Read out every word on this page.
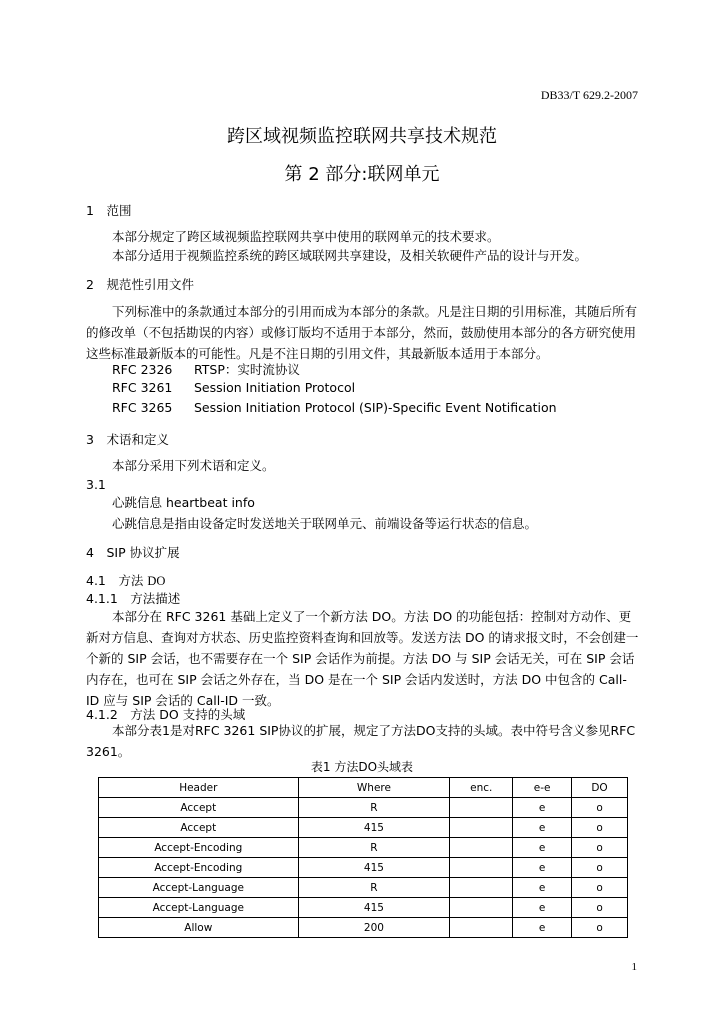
DB33/T 629.2-2007
跨区域视频监控联网共享技术规范
第 2 部分:联网单元
1　范围
本部分规定了跨区域视频监控联网共享中使用的联网单元的技术要求。
本部分适用于视频监控系统的跨区域联网共享建设，及相关软硬件产品的设计与开发。
2　规范性引用文件
下列标准中的条款通过本部分的引用而成为本部分的条款。凡是注日期的引用标准，其随后所有的修改单（不包括勘误的内容）或修订版均不适用于本部分，然而，鼓励使用本部分的各方研究使用这些标准最新版本的可能性。凡是不注日期的引用文件，其最新版本适用于本部分。
RFC 2326 RTSP：实时流协议
RFC 3261 Session Initiation Protocol
RFC 3265 Session Initiation Protocol (SIP)-Specific Event Notification
3　术语和定义
本部分采用下列术语和定义。
3.1
心跳信息 heartbeat info
心跳信息是指由设备定时发送地关于联网单元、前端设备等运行状态的信息。
4　SIP 协议扩展
4.1　方法 DO
4.1.1　方法描述
本部分在 RFC 3261 基础上定义了一个新方法 DO。方法 DO 的功能包括：控制对方动作、更新对方信息、查询对方状态、历史监控资料查询和回放等。发送方法 DO 的请求报文时，不会创建一个新的 SIP 会话，也不需要存在一个 SIP 会话作为前提。方法 DO 与 SIP 会话无关，可在 SIP 会话内存在，也可在 SIP 会话之外存在，当 DO 是在一个 SIP 会话内发送时，方法 DO 中包含的 Call-ID 应与 SIP 会话的 Call-ID 一致。
4.1.2　方法 DO 支持的头域
本部分表1是对RFC 3261 SIP协议的扩展，规定了方法DO支持的头域。表中符号含义参见RFC 3261。
表1 方法DO头域表
Header	Where	enc.	e-e	DO
Accept	R		e	o
Accept	415		e	o
Accept-Encoding	R		e	o
Accept-Encoding	415		e	o
Accept-Language	R		e	o
Accept-Language	415		e	o
Allow	200		e	o
1
